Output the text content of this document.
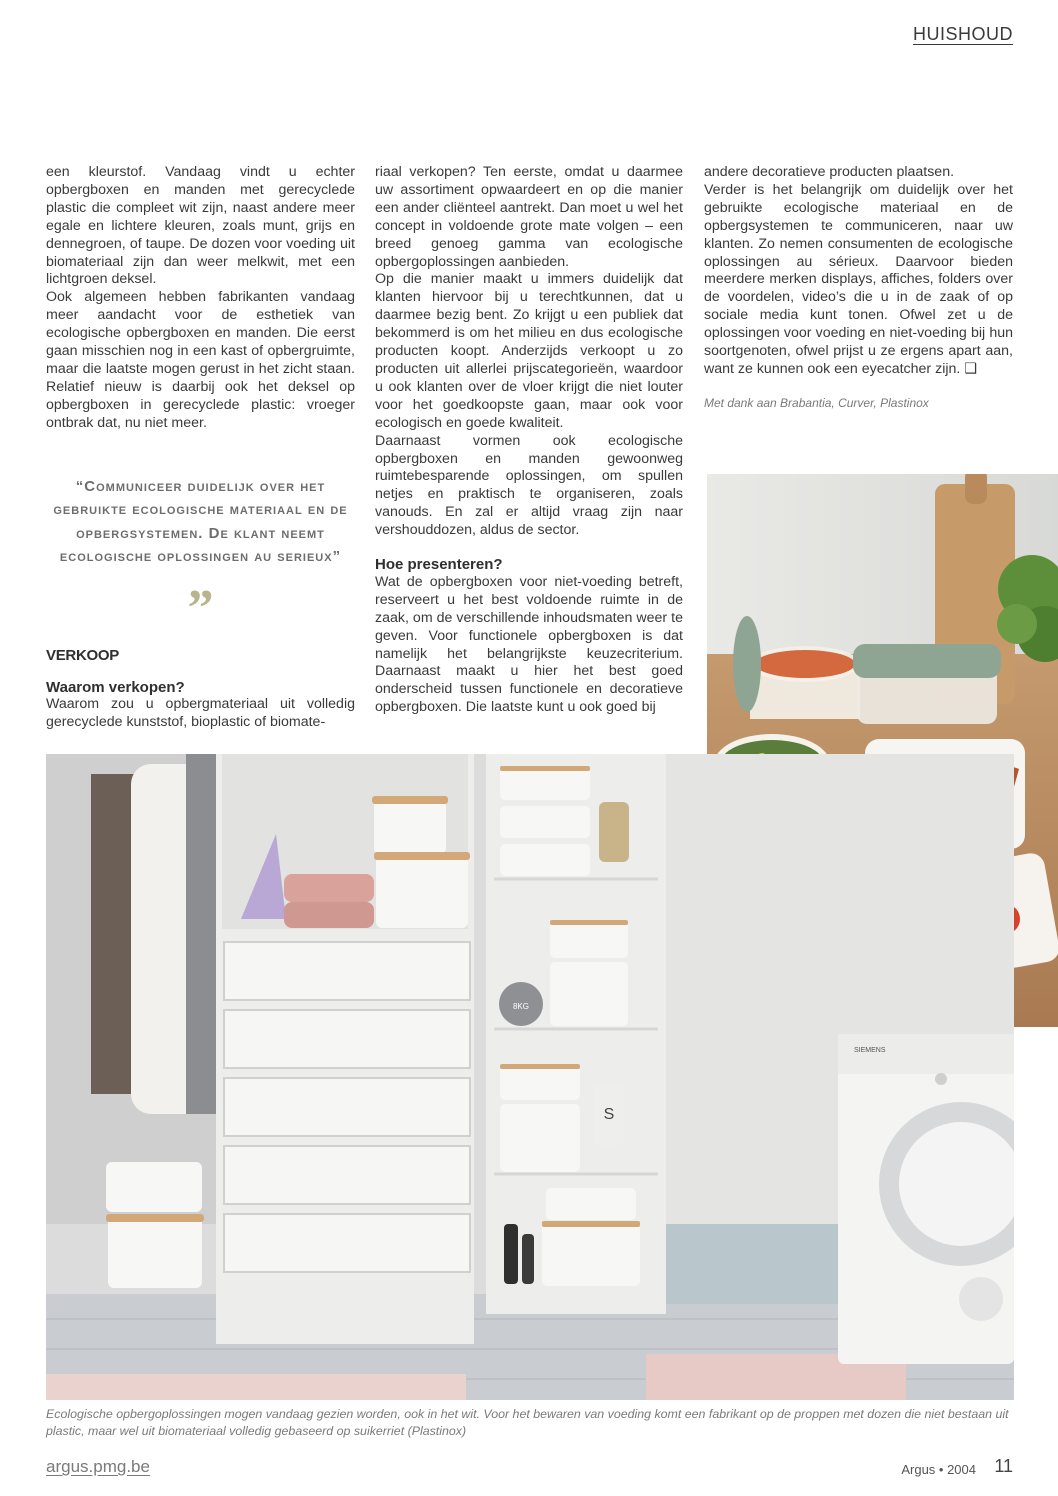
HUISHOUD

een kleurstof. Vandaag vindt u echter opbergboxen en manden met gerecyclede plastic die compleet wit zijn, naast andere meer egale en lichtere kleuren, zoals munt, grijs en dennegroen, of taupe. De dozen voor voeding uit biomateriaal zijn dan weer melkwit, met een lichtgroen deksel.

Ook algemeen hebben fabrikanten vandaag meer aandacht voor de esthetiek van ecologische opbergboxen en manden. Die eerst gaan misschien nog in een kast of opbergruimte, maar die laatste mogen gerust in het zicht staan. Relatief nieuw is daarbij ook het deksel op opbergboxen in gerecyclede plastic: vroeger ontbrak dat, nu niet meer.

“Communiceer duidelijk over het gebruikte ecologische materiaal en de opbergsystemen. De klant neemt ecologische oplossingen au serieux”
”
VERKOOP
Waarom verkopen?

Waarom zou u opbergmateriaal uit volledig gerecyclede kunststof, bioplastic of biomate-

riaal verkopen? Ten eerste, omdat u daarmee uw assortiment opwaardeert en op die manier een ander cliënteel aantrekt. Dan moet u wel het concept in voldoende grote mate volgen – een breed genoeg gamma van ecologische opbergoplossingen aanbieden.

Op die manier maakt u immers duidelijk dat klanten hiervoor bij u terechtkunnen, dat u daarmee bezig bent. Zo krijgt u een publiek dat bekommerd is om het milieu en dus ecologische producten koopt. Anderzijds verkoopt u zo producten uit allerlei prijscategorieën, waardoor u ook klanten over de vloer krijgt die niet louter voor het goedkoopste gaan, maar ook voor ecologisch en goede kwaliteit.

Daarnaast vormen ook ecologische opbergboxen en manden gewoonweg ruimtebesparende oplossingen, om spullen netjes en praktisch te organiseren, zoals vanouds. En zal er altijd vraag zijn naar vershouddozen, aldus de sector.

Hoe presenteren?

Wat de opbergboxen voor niet-voeding betreft, reserveert u het best voldoende ruimte in de zaak, om de verschillende inhoudsmaten weer te geven. Voor functionele opbergboxen is dat namelijk het belangrijkste keuzecriterium. Daarnaast maakt u hier het best goed onderscheid tussen functionele en decoratieve opbergboxen. Die laatste kunt u ook goed bij

andere decoratieve producten plaatsen.

Verder is het belangrijk om duidelijk over het gebruikte ecologische materiaal en de opbergsystemen te communiceren, naar uw klanten. Zo nemen consumenten de ecologische oplossingen au sérieux. Daarvoor bieden meerdere merken displays, affiches, folders over de voordelen, video’s die u in de zaak of op sociale media kunt tonen. Ofwel zet u de oplossingen voor voeding en niet-voeding bij hun soortgenoten, ofwel prijst u ze ergens apart aan, want ze kunnen ook een eyecatcher zijn. ❑

Met dank aan Brabantia, Curver, Plastinox
8KG
S
SIEMENS
Ecologische opbergoplossingen mogen vandaag gezien worden, ook in het wit. Voor het bewaren van voeding komt een fabrikant op de proppen met dozen die niet bestaan uit plastic, maar wel uit biomateriaal volledig gebaseerd op suikerriet (Plastinox)
argus.pmg.be	Argus • 2004 11
